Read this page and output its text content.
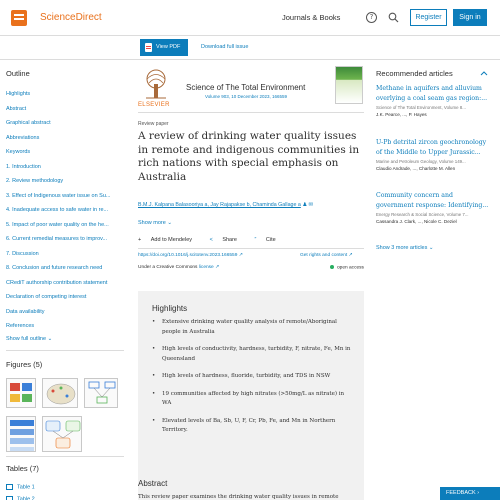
ScienceDirect	Journals & Books	?	Register	Sign in
View PDF	Download full issue
Outline
Highlights
Abstract
Graphical abstract
Abbreviations
Keywords
1. Introduction
2. Review methodology
3. Effect of Indigenous water issue on Su...
4. Inadequate access to safe water in re...
5. Impact of poor water quality on the he...
6. Current remedial measures to improv...
7. Discussion
8. Conclusion and future research need
CRediT authorship contribution statement
Declaration of competing interest
Data availability
References
Show full outline ⌄
Figures (5)
Tables (7)
Table 1
Table 2
ELSEVIER
Science of The Total Environment
Volume 903, 10 December 2023, 166559
Review paper
A review of drinking water quality issues in remote and indigenous communities in rich nations with special emphasis on Australia
B.M.J. Kalpana Balasooriya a, Jay Rajapakse b, Chaminda Gallage a ♟ ✉
Show more ⌄
+ Add to Mendeley	< Share	” Cite
https://doi.org/10.1016/j.scitotenv.2023.166559 ↗	Get rights and content ↗
Under a Creative Commons license ↗	open access
Highlights
• Extensive drinking water quality analysis of remote/Aboriginal people in Australia
• High levels of conductivity, hardness, turbidity, F, nitrate, Fe, Mn in Queensland
• High levels of hardness, fluoride, turbidity, and TDS in NSW
• 19 communities affected by high nitrates (>50mg/L as nitrate) in WA
• Elevated levels of Ba, Sb, U, F, Cr, Pb, Fe, and Mn in Northern Territory.
Abstract
This review paper examines the drinking water quality issues in remote
Recommended articles
Methane in aquifers and alluvium overlying a coal seam gas region:...
Science of The Total Environment, Volume 8...
J.K. Pearce, ..., P. Hayes
U-Pb detrital zircon geochronology of the Middle to Upper Jurassic...
Marine and Petroleum Geology, Volume 149...
Claudio Andrade, ..., Charlotte M. Allen
Community concern and government response: Identifying...
Energy Research & Social Science, Volume 7...
Cassandra J. Clark, ..., Nicole C. Deziel
Show 3 more articles ⌄
FEEDBACK ›
